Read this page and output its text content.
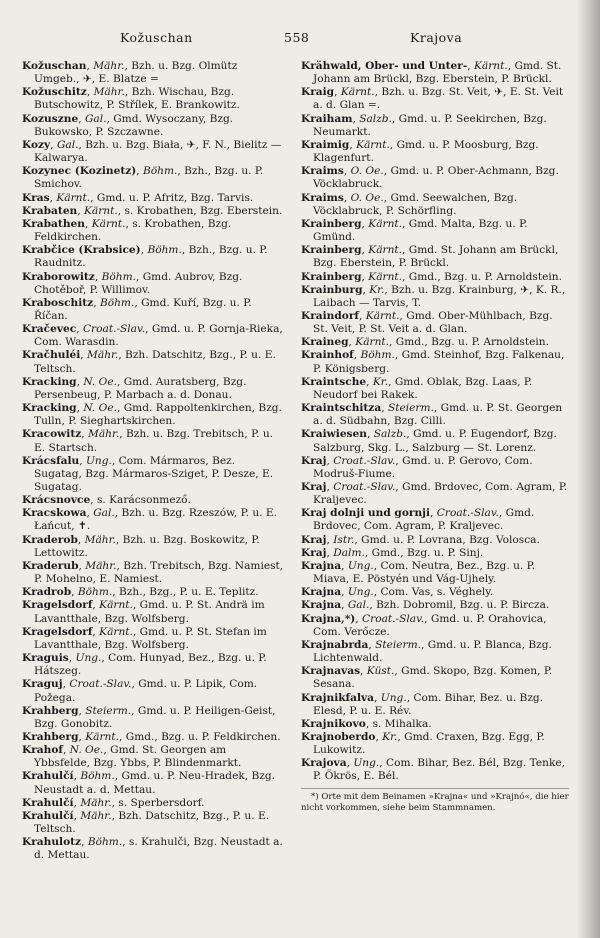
Kožuschan	558	Krajova

Kožuschan, Mähr., Bzh. u. Bzg. Olmütz Umgeb., ✈, E. Blatze =

Kožuschitz, Mähr., Bzh. Wischau, Bzg. Butschowitz, P. Střílek, E. Brankowitz.

Kozuszne, Gal., Gmd. Wysoczany, Bzg. Bukowsko, P. Szczawne.

Kozy, Gal., Bzh. u. Bzg. Biała, ✈, F. N., Bielitz — Kalwarya.

Kozynec (Kozinetz), Böhm., Bzh., Bzg. u. P. Smichov.

Kras, Kärnt., Gmd. u. P. Afritz, Bzg. Tarvis.

Krabaten, Kärnt., s. Krobathen, Bzg. Eberstein.

Krabathen, Kärnt., s. Krobathen, Bzg. Feldkirchen.

Krabčice (Krabsice), Böhm., Bzh., Bzg. u. P. Raudnitz.

Kraborowitz, Böhm., Gmd. Aubrov, Bzg. Chotěboř, P. Willimov.

Kraboschitz, Böhm., Gmd. Kuří, Bzg. u. P. Říčan.

Kračevec, Croat.-Slav., Gmd. u. P. Gornja-Rieka, Com. Warasdin.

Kračhuléi, Mähr., Bzh. Datschitz, Bzg., P. u. E. Teltsch.

Kracking, N. Oe., Gmd. Auratsberg, Bzg. Persenbeug, P. Marbach a. d. Donau.

Kracking, N. Oe., Gmd. Rappoltenkirchen, Bzg. Tulln, P. Sieghartskirchen.

Kracowitz, Mähr., Bzh. u. Bzg. Trebitsch, P. u. E. Startsch.

Krácsfalu, Ung., Com. Mármaros, Bez. Sugatag, Bzg. Mármaros-Sziget, P. Desze, E. Sugatag.

Krácsnovce, s. Karácsonmező.

Kracskowa, Gal., Bzh. u. Bzg. Rzeszów, P. u. E. Łańcut, ✝.

Kraderob, Mähr., Bzh. u. Bzg. Boskowitz, P. Lettowitz.

Kraderub, Mähr., Bzh. Trebitsch, Bzg. Namiest, P. Mohelno, E. Namiest.

Kradrob, Böhm., Bzh., Bzg., P. u. E. Teplitz.

Kragelsdorf, Kärnt., Gmd. u. P. St. Andrä im Lavantthale, Bzg. Wolfsberg.

Kragelsdorf, Kärnt., Gmd. u. P. St. Stefan im Lavantthale, Bzg. Wolfsberg.

Kraguis, Ung., Com. Hunyad, Bez., Bzg. u. P. Hátszeg.

Kraguj, Croat.-Slav., Gmd. u. P. Lipik, Com. Požega.

Krahberg, Steierm., Gmd. u. P. Heiligen-Geist, Bzg. Gonobitz.

Krahberg, Kärnt., Gmd., Bzg. u. P. Feldkirchen.

Krahof, N. Oe., Gmd. St. Georgen am Ybbsfelde, Bzg. Ybbs, P. Blindenmarkt.

Krahulčí, Böhm., Gmd. u. P. Neu-Hradek, Bzg. Neustadt a. d. Mettau.

Krahulčí, Mähr., s. Sperbersdorf.

Krahulčí, Mähr., Bzh. Datschitz, Bzg., P. u. E. Teltsch.

Krahulotz, Böhm., s. Krahulči, Bzg. Neustadt a. d. Mettau.

Krähwald, Ober- und Unter-, Kärnt., Gmd. St. Johann am Brückl, Bzg. Eberstein, P. Brückl.

Kraig, Kärnt., Bzh. u. Bzg. St. Veit, ✈, E. St. Veit a. d. Glan =.

Kraiham, Salzb., Gmd. u. P. Seekirchen, Bzg. Neumarkt.

Kraimig, Kärnt., Gmd. u. P. Moosburg, Bzg. Klagenfurt.

Kraims, O. Oe., Gmd. u. P. Ober-Achmann, Bzg. Vöcklabruck.

Kraims, O. Oe., Gmd. Seewalchen, Bzg. Vöcklabruck, P. Schörfling.

Krainberg, Kärnt., Gmd. Malta, Bzg. u. P. Gmünd.

Krainberg, Kärnt., Gmd. St. Johann am Brückl, Bzg. Eberstein, P. Brückl.

Krainberg, Kärnt., Gmd., Bzg. u. P. Arnoldstein.

Krainburg, Kr., Bzh. u. Bzg. Krainburg, ✈, K. R., Laibach — Tarvis, T.

Kraindorf, Kärnt., Gmd. Ober-Mühlbach, Bzg. St. Veit, P. St. Veit a. d. Glan.

Kraineg, Kärnt., Gmd., Bzg. u. P. Arnoldstein.

Krainhof, Böhm., Gmd. Steinhof, Bzg. Falkenau, P. Königsberg.

Kraintsche, Kr., Gmd. Oblak, Bzg. Laas, P. Neudorf bei Rakek.

Kraintschitza, Steierm., Gmd. u. P. St. Georgen a. d. Südbahn, Bzg. Cilli.

Kraiwiesen, Salzb., Gmd. u. P. Eugendorf, Bzg. Salzburg, Skg. L., Salzburg — St. Lorenz.

Kraj, Croat.-Slav., Gmd. u. P. Gerovo, Com. Modruš-Fiume.

Kraj, Croat.-Slav., Gmd. Brdovec, Com. Agram, P. Kraljevec.

Kraj dolnji und gornji, Croat.-Slav., Gmd. Brdovec, Com. Agram, P. Kraljevec.

Kraj, Istr., Gmd. u. P. Lovrana, Bzg. Volosca.

Kraj, Dalm., Gmd., Bzg. u. P. Sinj.

Krajna, Ung., Com. Neutra, Bez., Bzg. u. P. Miava, E. Pöstyén und Vág-Ujhely.

Krajna, Ung., Com. Vas, s. Véghely.

Krajna, Gal., Bzh. Dobromil, Bzg. u. P. Bircza.

Krajna,*), Croat.-Slav., Gmd. u. P. Orahovica, Com. Verőcze.

Krajnabrda, Steierm., Gmd. u. P. Blanca, Bzg. Lichtenwald.

Krajnavas, Küst., Gmd. Skopo, Bzg. Komen, P. Sesana.

Krajnikfalva, Ung., Com. Bihar, Bez. u. Bzg. Elesd, P. u. E. Rév.

Krajnikovo, s. Mihalka.

Krajnoberdo, Kr., Gmd. Craxen, Bzg. Egg, P. Lukowitz.

Krajova, Ung., Com. Bihar, Bez. Bél, Bzg. Tenke, P. Ökrös, E. Bél.

*) Orte mit dem Beinamen »Krajna« und »Krajnó«, die hier nicht vorkommen, siehe beim Stammnamen.
